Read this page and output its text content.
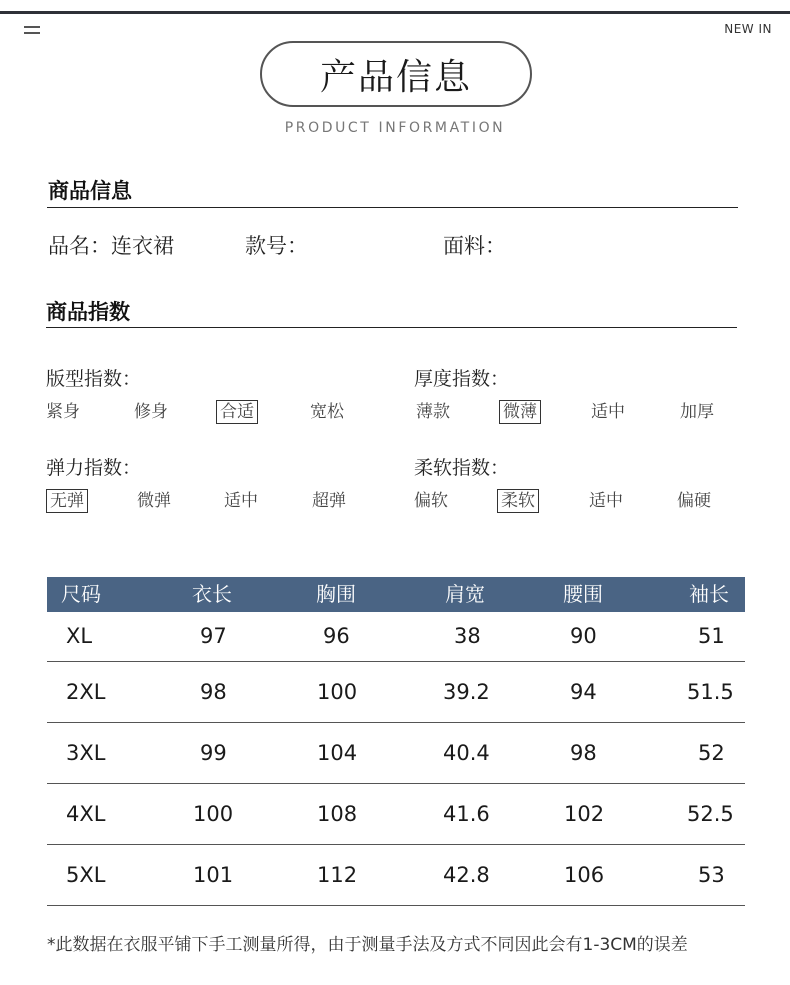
NEW IN
产品信息
PRODUCT INFORMATION
商品信息
品名：连衣裙	款号：	面料：
商品指数
版型指数：
紧身	修身	合适	宽松
厚度指数：
薄款	微薄	适中	加厚
弹力指数：
无弹	微弹	适中	超弹
柔软指数：
偏软	柔软	适中	偏硬
尺码	衣长	胸围	肩宽	腰围	袖长
XL	97	96	38	90	51
2XL	98	100	39.2	94	51.5
3XL	99	104	40.4	98	52
4XL	100	108	41.6	102	52.5
5XL	101	112	42.8	106	53
*此数据在衣服平铺下手工测量所得，由于测量手法及方式不同因此会有1-3CM的误差
